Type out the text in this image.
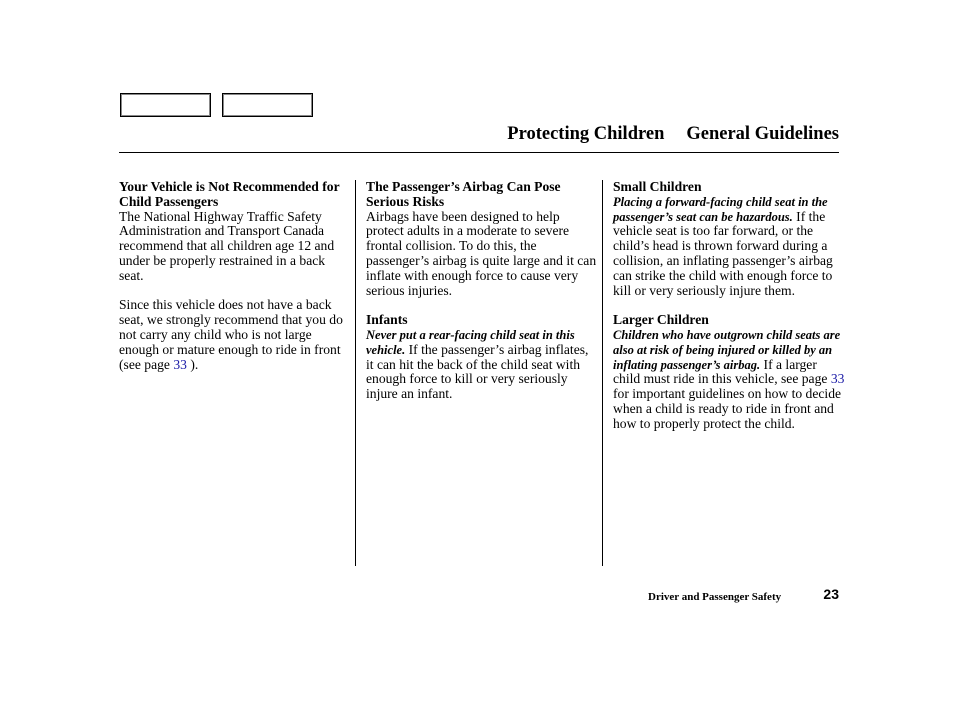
Protecting Children General Guidelines
Your Vehicle is Not Recommended for Child Passengers

The National Highway Traffic Safety Administration and Transport Canada recommend that all children age 12 and under be properly restrained in a back seat.

Since this vehicle does not have a back seat, we strongly recommend that you do not carry any child who is not large enough or mature enough to ride in front (see page 33 ).

The Passenger’s Airbag Can Pose Serious Risks

Airbags have been designed to help protect adults in a moderate to severe frontal collision. To do this, the passenger’s airbag is quite large and it can inflate with enough force to cause very serious injuries.

Infants

Never put a rear-facing child seat in this vehicle. If the passenger’s airbag inflates, it can hit the back of the child seat with enough force to kill or very seriously injure an infant.

Small Children

Placing a forward-facing child seat in the passenger’s seat can be hazardous. If the vehicle seat is too far forward, or the child’s head is thrown forward during a collision, an inflating passenger’s airbag can strike the child with enough force to kill or very seriously injure them.

Larger Children

Children who have outgrown child seats are also at risk of being injured or killed by an inflating passenger’s airbag. If a larger child must ride in this vehicle, see page 33 for important guidelines on how to decide when a child is ready to ride in front and how to properly protect the child.

Driver and Passenger Safety	23
